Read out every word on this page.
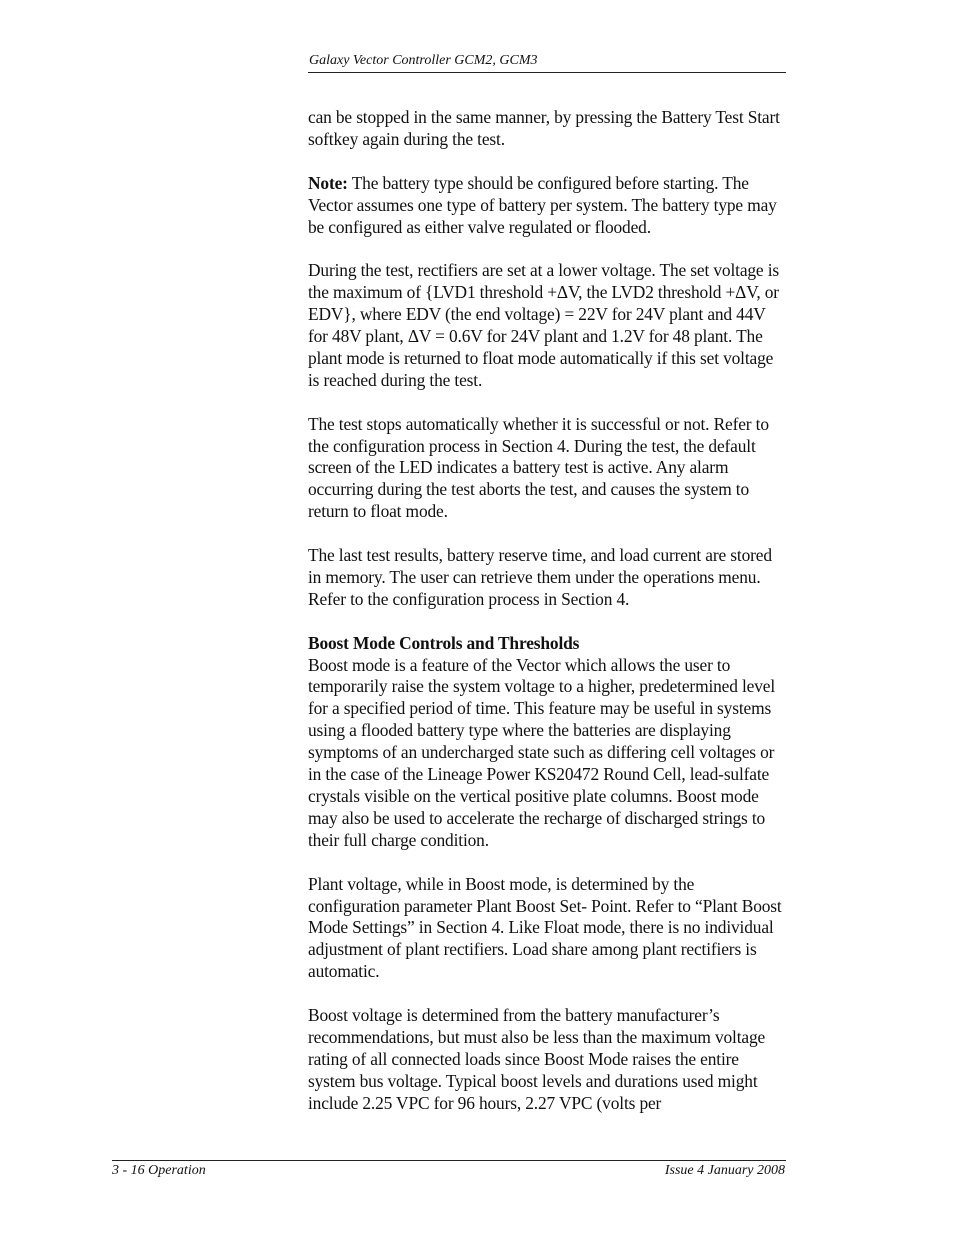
Galaxy Vector Controller GCM2, GCM3

can be stopped in the same manner, by pressing the Battery Test Start softkey again during the test.

Note: The battery type should be configured before starting. The Vector assumes one type of battery per system. The battery type may be configured as either valve regulated or flooded.

During the test, rectifiers are set at a lower voltage. The set voltage is the maximum of {LVD1 threshold +ΔV, the LVD2 threshold +ΔV, or EDV}, where EDV (the end voltage) = 22V for 24V plant and 44V for 48V plant, ΔV = 0.6V for 24V plant and 1.2V for 48 plant. The plant mode is returned to float mode automatically if this set voltage is reached during the test.

The test stops automatically whether it is successful or not. Refer to the configuration process in Section 4. During the test, the default screen of the LED indicates a battery test is active. Any alarm occurring during the test aborts the test, and causes the system to return to float mode.

The last test results, battery reserve time, and load current are stored in memory. The user can retrieve them under the operations menu. Refer to the configuration process in Section 4.

Boost Mode Controls and Thresholds

Boost mode is a feature of the Vector which allows the user to temporarily raise the system voltage to a higher, predetermined level for a specified period of time. This feature may be useful in systems using a flooded battery type where the batteries are displaying symptoms of an undercharged state such as differing cell voltages or in the case of the Lineage Power KS20472 Round Cell, lead-sulfate crystals visible on the vertical positive plate columns. Boost mode may also be used to accelerate the recharge of discharged strings to their full charge condition.

Plant voltage, while in Boost mode, is determined by the configuration parameter Plant Boost Set- Point. Refer to “Plant Boost Mode Settings” in Section 4. Like Float mode, there is no individual adjustment of plant rectifiers. Load share among plant rectifiers is automatic.

Boost voltage is determined from the battery manufacturer’s recommendations, but must also be less than the maximum voltage rating of all connected loads since Boost Mode raises the entire system bus voltage. Typical boost levels and durations used might include 2.25 VPC for 96 hours, 2.27 VPC (volts per

3 - 16 Operation	Issue 4 January 2008
